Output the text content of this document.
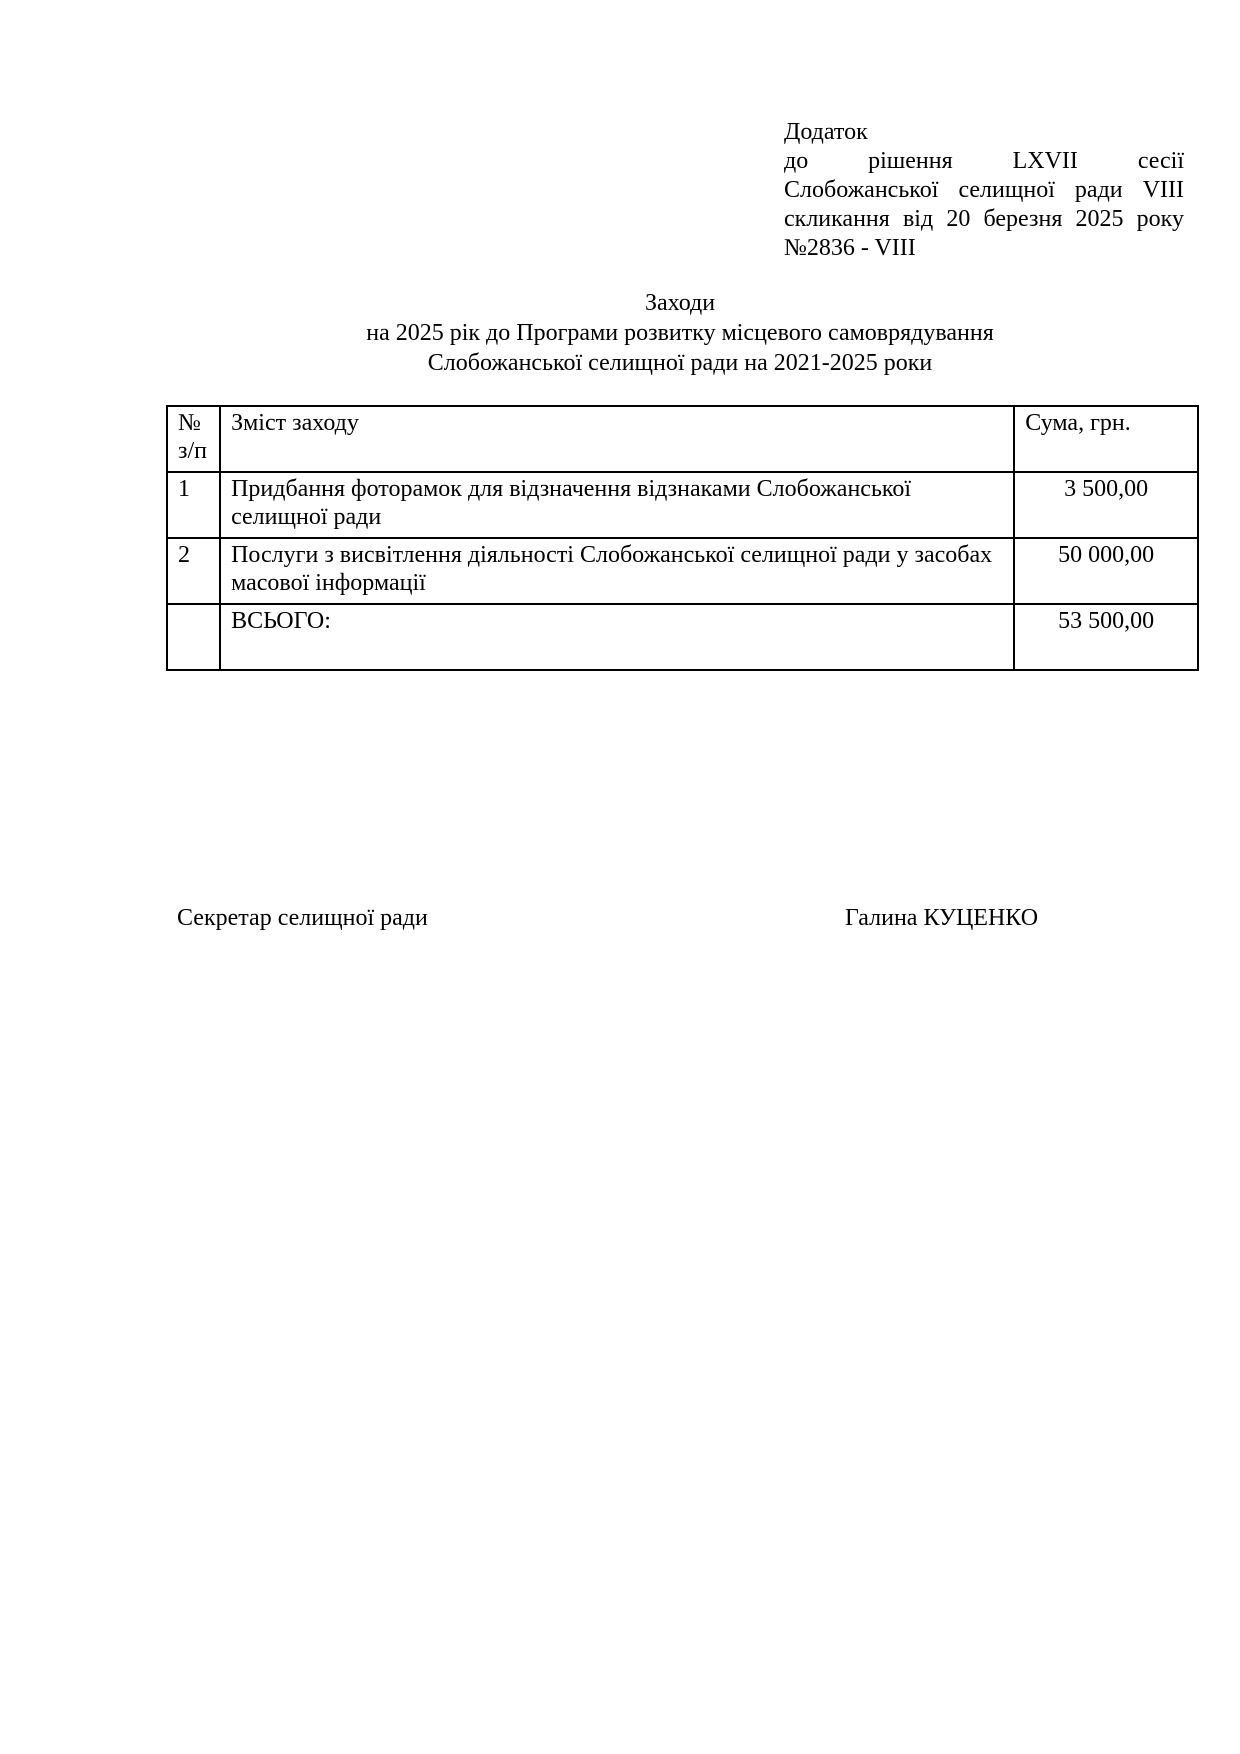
Додаток
до рішення LXVII сесії
Слобожанської селищної ради VIII
скликання від 20 березня 2025 року
№2836 - VIII
Заходи
на 2025 рік до Програми розвитку місцевого самоврядування
Слобожанської селищної ради на 2021-2025 роки
№ з/п	Зміст заходу	Сума, грн.
1	Придбання фоторамок для відзначення відзнаками Слобожанської селищної ради	3 500,00
2	Послуги з висвітлення діяльності Слобожанської селищної ради у засобах масової інформації	50 000,00
	ВСЬОГО:	53 500,00
Секретар селищної ради	Галина КУЦЕНКО
